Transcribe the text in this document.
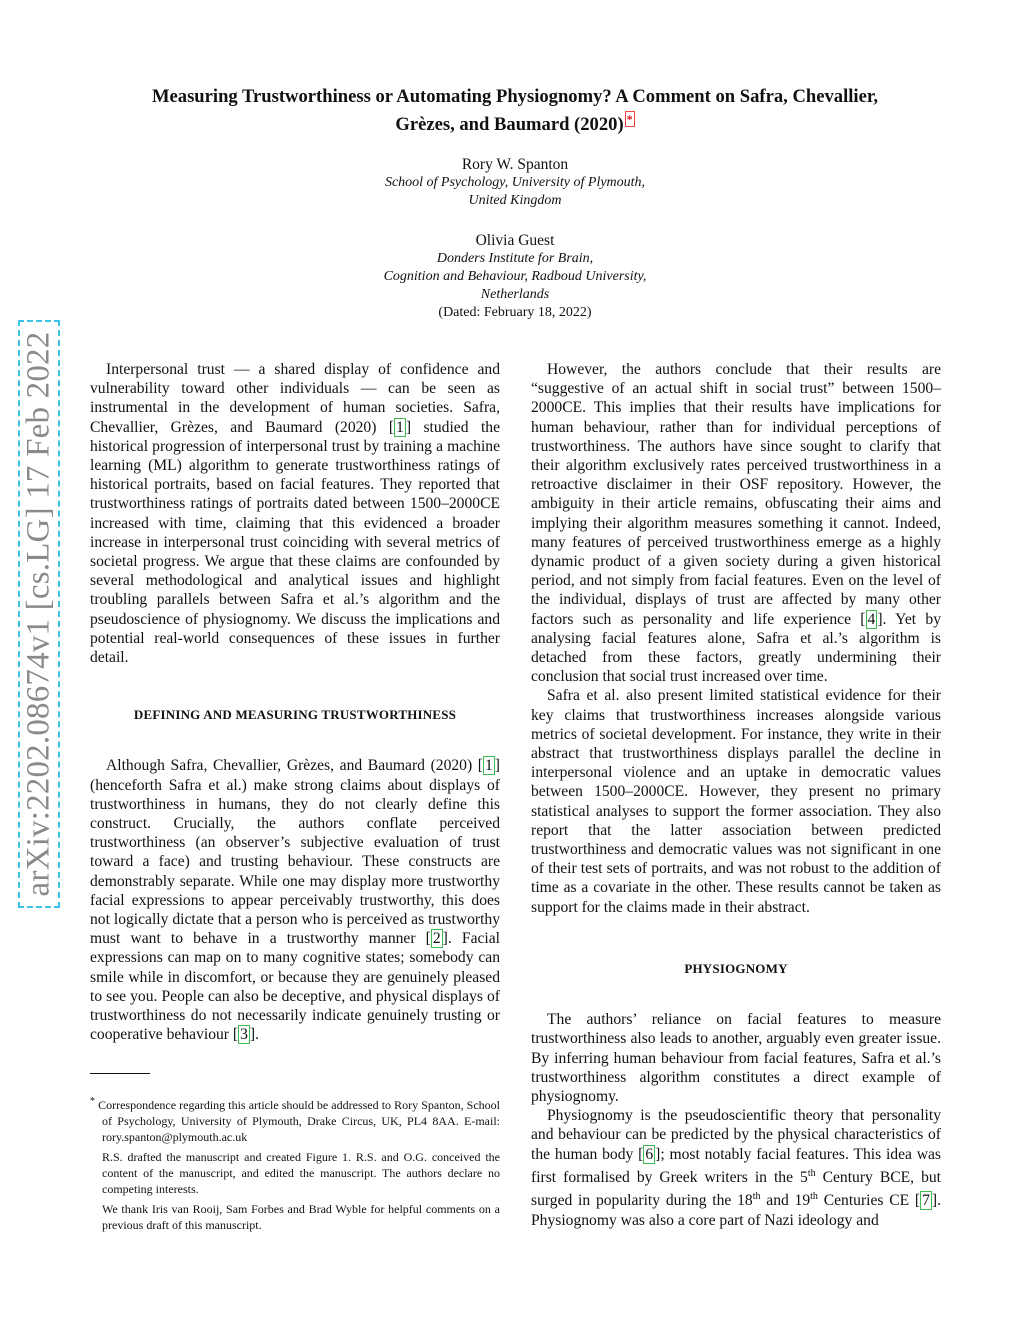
arXiv:2202.08674v1 [cs.LG] 17 Feb 2022
Measuring Trustworthiness or Automating Physiognomy? A Comment on Safra, Chevallier,
Grèzes, and Baumard (2020) *
Rory W. Spanton
School of Psychology, University of Plymouth,
United Kingdom
Olivia Guest
Donders Institute for Brain,
Cognition and Behaviour, Radboud University,
Netherlands
(Dated: February 18, 2022)

Interpersonal trust — a shared display of confidence and vulnerability toward other individuals — can be seen as instrumental in the development of human societies. Safra, Chevallier, Grèzes, and Baumard (2020) [ 1 ] studied the historical progression of interpersonal trust by training a machine learning (ML) algorithm to generate trustworthiness ratings of historical portraits, based on facial features. They reported that trustworthiness ratings of portraits dated between 1500–2000CE increased with time, claiming that this evidenced a broader increase in interpersonal trust coinciding with several metrics of societal progress. We argue that these claims are confounded by several methodological and analytical issues and highlight troubling parallels between Safra et al.’s algorithm and the pseudoscience of physiognomy. We discuss the implications and potential real-world consequences of these issues in further detail.

DEFINING AND MEASURING TRUSTWORTHINESS

Although Safra, Chevallier, Grèzes, and Baumard (2020) [ 1 ] (henceforth Safra et al.) make strong claims about displays of trustworthiness in humans, they do not clearly define this construct. Crucially, the authors conflate perceived trustworthiness (an observer’s subjective evaluation of trust toward a face) and trusting behaviour. These constructs are demonstrably separate. While one may display more trustworthy facial expressions to appear perceivably trustworthy, this does not logically dictate that a person who is perceived as trustworthy must want to behave in a trustworthy manner [ 2 ]. Facial expressions can map on to many cognitive states; somebody can smile while in discomfort, or because they are genuinely pleased to see you. People can also be deceptive, and physical displays of trustworthiness do not necessarily indicate genuinely trusting or cooperative behaviour [ 3 ].

* Correspondence regarding this article should be addressed to Rory Spanton, School of Psychology, University of Plymouth, Drake Circus, UK, PL4 8AA. E-mail: rory.spanton@plymouth.ac.uk

R.S. drafted the manuscript and created Figure 1. R.S. and O.G. conceived the content of the manuscript, and edited the manuscript. The authors declare no competing interests.

We thank Iris van Rooij, Sam Forbes and Brad Wyble for helpful comments on a previous draft of this manuscript.

However, the authors conclude that their results are “suggestive of an actual shift in social trust” between 1500–2000CE. This implies that their results have implications for human behaviour, rather than for individual perceptions of trustworthiness. The authors have since sought to clarify that their algorithm exclusively rates perceived trustworthiness in a retroactive disclaimer in their OSF repository. However, the ambiguity in their article remains, obfuscating their aims and implying their algorithm measures something it cannot. Indeed, many features of perceived trustworthiness emerge as a highly dynamic product of a given society during a given historical period, and not simply from facial features. Even on the level of the individual, displays of trust are affected by many other factors such as personality and life experience [ 4 ]. Yet by analysing facial features alone, Safra et al.’s algorithm is detached from these factors, greatly undermining their conclusion that social trust increased over time.

Safra et al. also present limited statistical evidence for their key claims that trustworthiness increases alongside various metrics of societal development. For instance, they write in their abstract that trustworthiness displays parallel the decline in interpersonal violence and an uptake in democratic values between 1500–2000CE. However, they present no primary statistical analyses to support the former association. They also report that the latter association between predicted trustworthiness and democratic values was not significant in one of their test sets of portraits, and was not robust to the addition of time as a covariate in the other. These results cannot be taken as support for the claims made in their abstract.

PHYSIOGNOMY

The authors’ reliance on facial features to measure trustworthiness also leads to another, arguably even greater issue. By inferring human behaviour from facial features, Safra et al.’s trustworthiness algorithm constitutes a direct example of physiognomy.

Physiognomy is the pseudoscientific theory that personality and behaviour can be predicted by the physical characteristics of the human body [ 6 ]; most notably facial features. This idea was first formalised by Greek writers in the 5th Century BCE, but surged in popularity during the 18th and 19th Centuries CE [ 7 ]. Physiognomy was also a core part of Nazi ideology and
